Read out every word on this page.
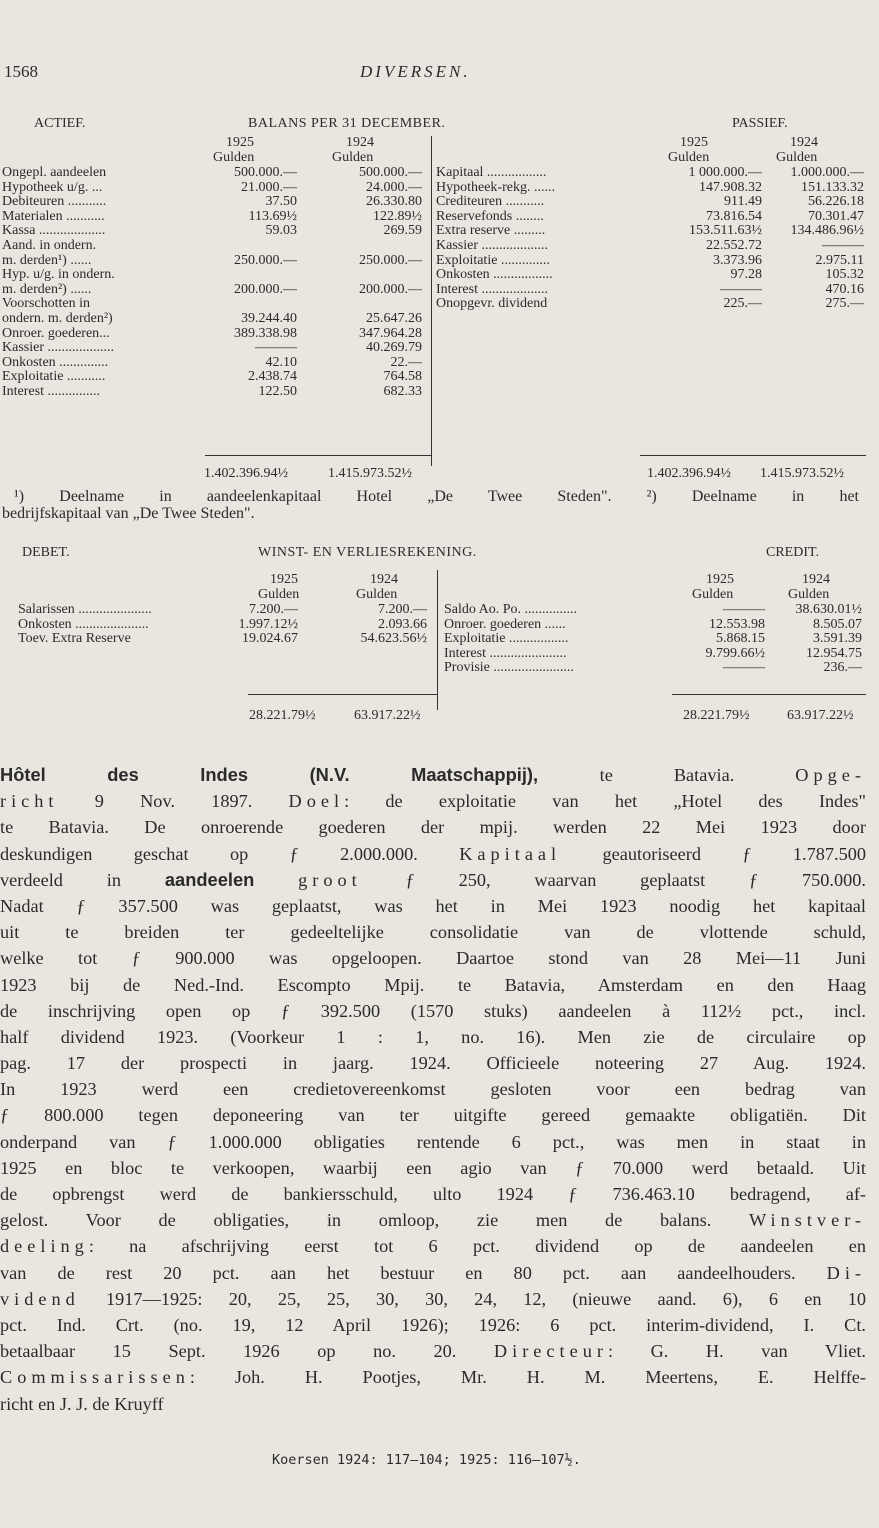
1568	DIVERSEN.
ACTIEF.	BALANS PER 31 DECEMBER.	PASSIEF.
1925	1924
Gulden	Gulden
1925	1924
Gulden	Gulden
Ongepl. aandeelen	500.000.—	500.000.—
Hypotheek u/g. ...	21.000.—	24.000.—
Debiteuren ...........	37.50	26.330.80
Materialen ...........	113.69½	122.89½
Kassa ...................	59.03	269.59
Aand. in ondern.
m. derden¹) ......	250.000.—	250.000.—
Hyp. u/g. in ondern.
m. derden²) ......	200.000.—	200.000.—
Voorschotten in
ondern. m. derden²)	39.244.40	25.647.26
Onroer. goederen...	389.338.98	347.964.28
Kassier ...................	———	40.269.79
Onkosten ..............	42.10	22.—
Exploitatie ...........	2.438.74	764.58
Interest ...............	122.50	682.33
Kapitaal .................	1 000.000.— 1.000.000.—
Hypotheek-rekg. ......	147.908.32	151.133.32
Crediteuren ...........	911.49	56.226.18
Reservefonds ........	73.816.54	70.301.47
Extra reserve .........	153.511.63½ 134.486.96½
Kassier ...................	22.552.72	———
Exploitatie ..............	3.373.96	2.975.11
Onkosten .................	97.28	105.32
Interest ...................	———	470.16
Onopgevr. dividend	225.—	275.—
1.402.396.94½	1.415.973.52½	1.402.396.94½ 1.415.973.52½
¹) Deelname in aandeelenkapitaal Hotel „De Twee Steden". ²) Deelname in het
bedrijfskapitaal van „De Twee Steden".
DEBET.	WINST- EN VERLIESREKENING.	CREDIT.
1925	1924
Gulden	Gulden
1925	1924
Gulden	Gulden
Salarissen .....................	7.200.—	7.200.—
Onkosten .....................	1.997.12½	2.093.66
Toev. Extra Reserve	19.024.67	54.623.56½
Saldo Ao. Po. ...............	——— 38.630.01½
Onroer. goederen ......	12.553.98	8.505.07
Exploitatie .................	5.868.15	3.591.39
Interest ......................	9.799.66½	12.954.75
Provisie .......................	———	236.—
28.221.79½	63.917.22½	28.221.79½	63.917.22½
Hôtel des Indes (N.V. Maatschappij), te Batavia. Opge-
richt 9 Nov. 1897. Doel: de exploitatie van het „Hotel des Indes"
te Batavia. De onroerende goederen der mpij. werden 22 Mei 1923 door
deskundigen geschat op ƒ 2.000.000. Kapitaal geautoriseerd ƒ 1.787.500
verdeeld in aandeelen groot ƒ 250, waarvan geplaatst ƒ 750.000.
Nadat ƒ 357.500 was geplaatst, was het in Mei 1923 noodig het kapitaal
uit te breiden ter gedeeltelijke consolidatie van de vlottende schuld,
welke tot ƒ 900.000 was opgeloopen. Daartoe stond van 28 Mei—11 Juni
1923 bij de Ned.-Ind. Escompto Mpij. te Batavia, Amsterdam en den Haag
de inschrijving open op ƒ 392.500 (1570 stuks) aandeelen à 112½ pct., incl.
half dividend 1923. (Voorkeur 1 : 1, no. 16). Men zie de circulaire op
pag. 17 der prospecti in jaarg. 1924. Officieele noteering 27 Aug. 1924.
In 1923 werd een credietovereenkomst gesloten voor een bedrag van
ƒ 800.000 tegen deponeering van ter uitgifte gereed gemaakte obligatiën. Dit
onderpand van ƒ 1.000.000 obligaties rentende 6 pct., was men in staat in
1925 en bloc te verkoopen, waarbij een agio van ƒ 70.000 werd betaald. Uit
de opbrengst werd de bankiersschuld, ulto 1924 ƒ 736.463.10 bedragend, af-
gelost. Voor de obligaties, in omloop, zie men de balans. Winstver-
deeling: na afschrijving eerst tot 6 pct. dividend op de aandeelen en
van de rest 20 pct. aan het bestuur en 80 pct. aan aandeelhouders. Di-
vidend 1917—1925: 20, 25, 25, 30, 30, 24, 12, (nieuwe aand. 6), 6 en 10
pct. Ind. Crt. (no. 19, 12 April 1926); 1926: 6 pct. interim-dividend, I. Ct.
betaalbaar 15 Sept. 1926 op no. 20. Directeur: G. H. van Vliet.
Commissarissen: Joh. H. Pootjes, Mr. H. M. Meertens, E. Helffe-
richt en J. J. de Kruyff
Koersen 1924: 117—104; 1925: 116—107½.
